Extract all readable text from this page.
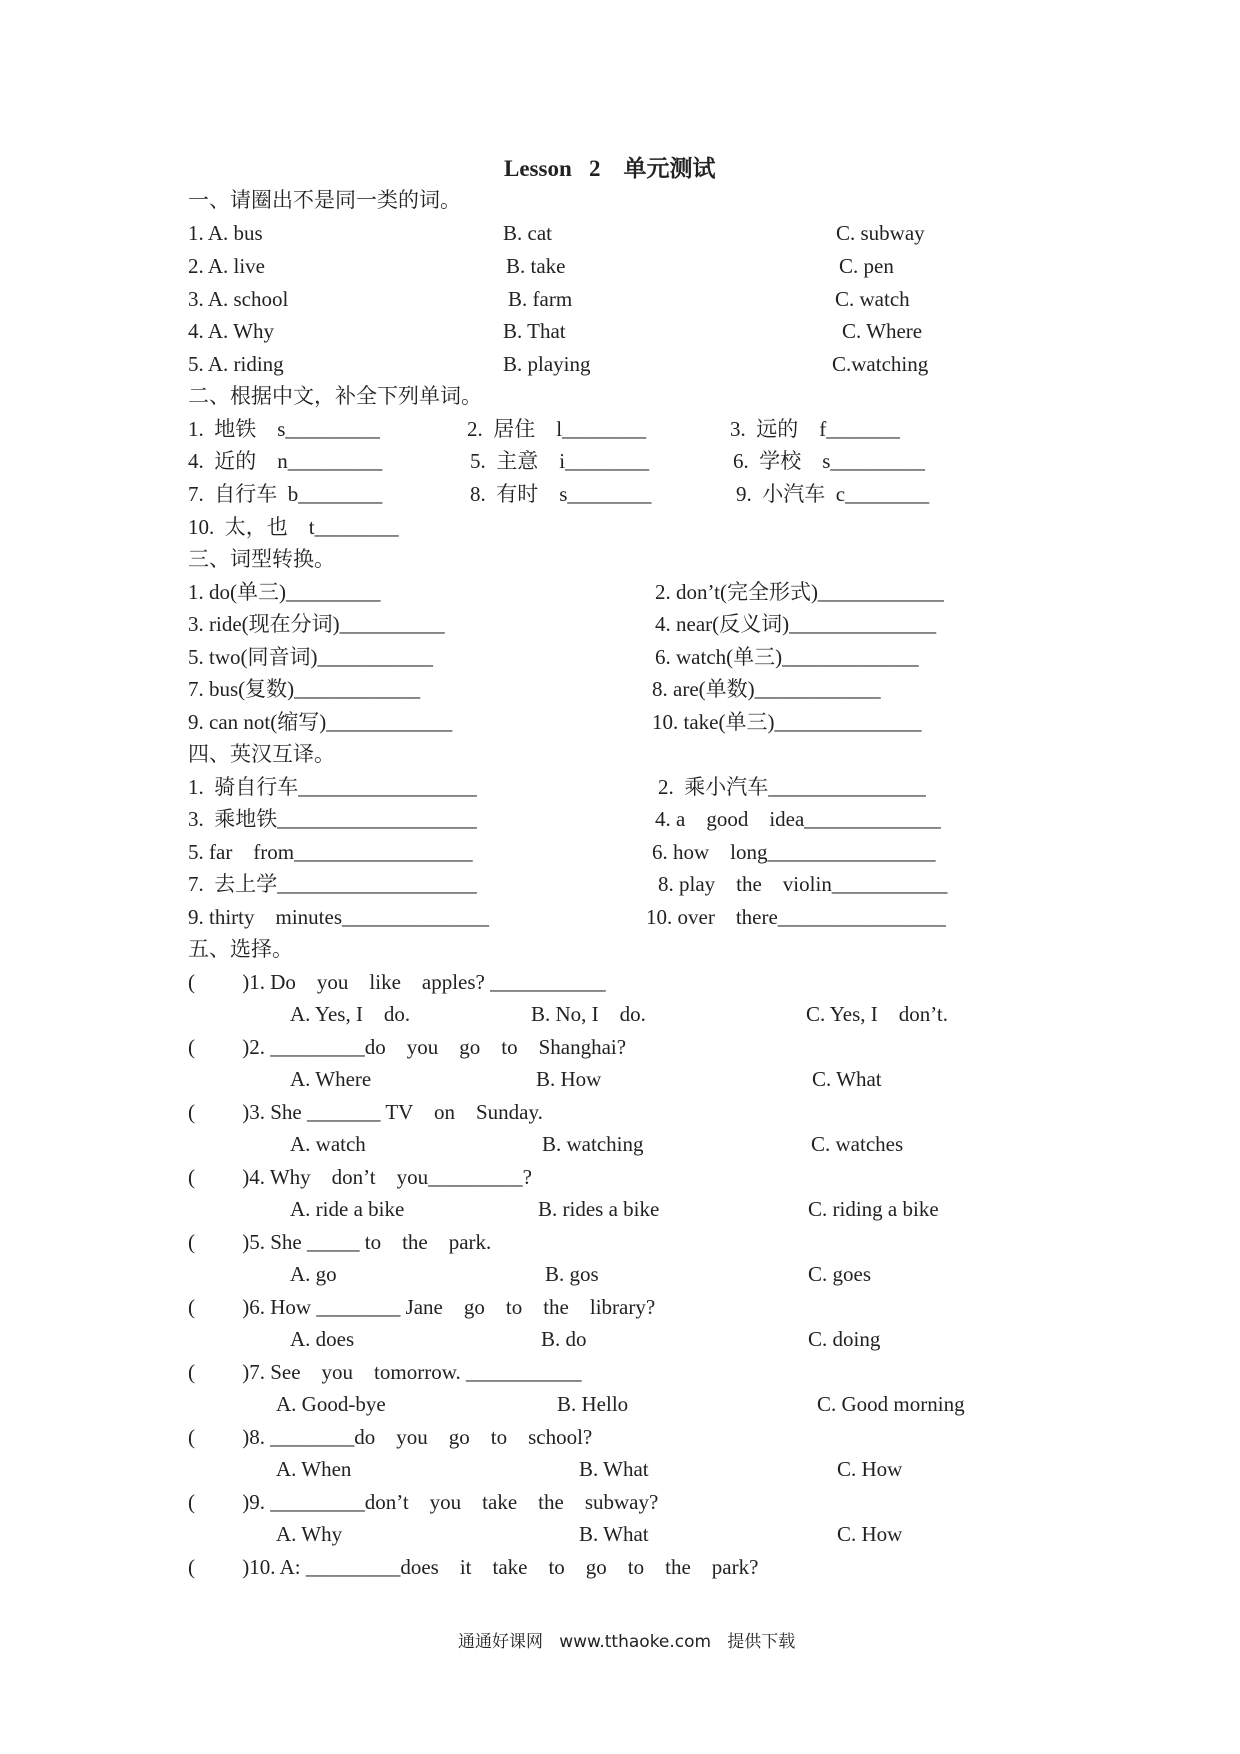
Lesson   2    单元测试
一、请圈出不是同一类的词。
1. A. bus	B. cat	C. subway
2. A. live	B. take	C. pen
3. A. school	B. farm	C. watch
4. A. Why	B. That	C. Where
5. A. riding	B. playing	C.watching
二、根据中文，补全下列单词。
1.  地铁    s_________	2.  居住    l________	3.  远的    f_______
4.  近的    n_________	5.  主意    i________	6.  学校    s_________
7.  自行车  b________	8.  有时    s________	9.  小汽车  c________
10.  太，也    t________
三、词型转换。
1. do(单三)_________	2. don’t(完全形式)____________
3. ride(现在分词)__________	4. near(反义词)______________
5. two(同音词)___________	6. watch(单三)_____________
7. bus(复数)____________	8. are(单数)____________
9. can not(缩写)____________	10. take(单三)______________
四、英汉互译。
1.  骑自行车_________________	2.  乘小汽车_______________
3.  乘地铁___________________	4. a    good    idea_____________
5. far    from_________________	6. how    long________________
7.  去上学___________________	8. play    the    violin___________
9. thirty    minutes______________	10. over    there________________
五、选择。
(         )1. Do    you    like    apples? ___________
A. Yes, I    do.	B. No, I    do.	C. Yes, I    don’t.
(         )2. _________do    you    go    to    Shanghai?
A. Where	B. How	C. What
(         )3. She _______ TV    on    Sunday.
A. watch	B. watching	C. watches
(         )4. Why    don’t    you_________?
A. ride a bike	B. rides a bike	C. riding a bike
(         )5. She _____ to    the    park.
A. go	B. gos	C. goes
(         )6. How ________ Jane    go    to    the    library?
A. does	B. do	C. doing
(         )7. See    you    tomorrow. ___________
A. Good-bye	B. Hello	C. Good morning
(         )8. ________do    you    go    to    school?
A. When	B. What	C. How
(         )9. _________don’t    you    take    the    subway?
A. Why	B. What	C. How
(         )10. A: _________does    it    take    to    go    to    the    park?
通通好课网   www.tthaoke.com   提供下载
